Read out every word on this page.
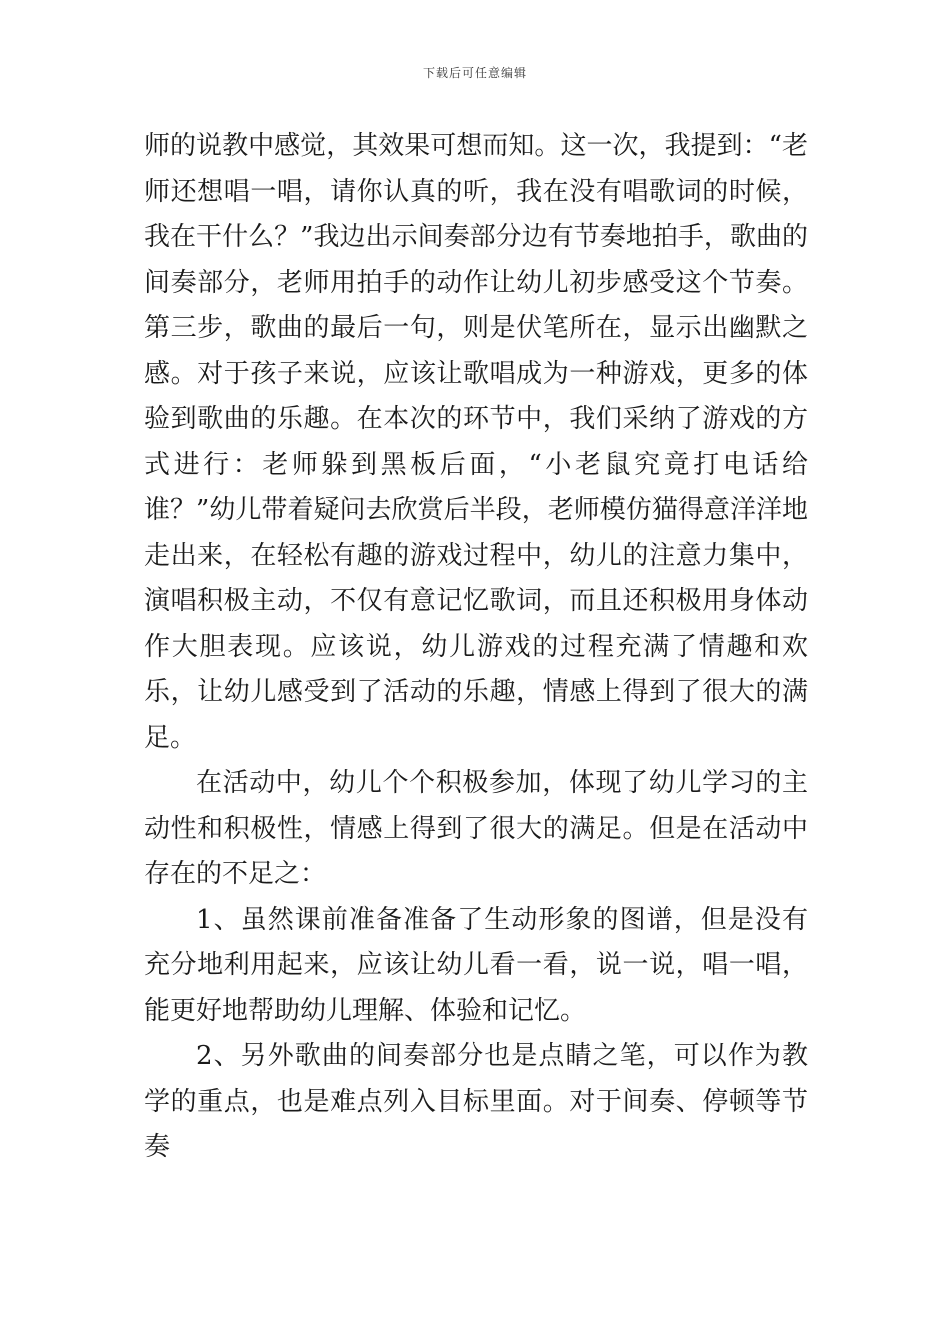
下载后可任意编辑

师的说教中感觉，其效果可想而知。这一次，我提到：“老师还想唱一唱，请你认真的听，我在没有唱歌词的时候，我在干什么？”我边出示间奏部分边有节奏地拍手，歌曲的间奏部分，老师用拍手的动作让幼儿初步感受这个节奏。第三步，歌曲的最后一句，则是伏笔所在，显示出幽默之感。对于孩子来说，应该让歌唱成为一种游戏，更多的体验到歌曲的乐趣。在本次的环节中，我们采纳了游戏的方式进行：老师躲到黑板后面，“小老鼠究竟打电话给谁？”幼儿带着疑问去欣赏后半段，老师模仿猫得意洋洋地走出来，在轻松有趣的游戏过程中，幼儿的注意力集中，演唱积极主动，不仅有意记忆歌词，而且还积极用身体动作大胆表现。应该说，幼儿游戏的过程充满了情趣和欢乐，让幼儿感受到了活动的乐趣，情感上得到了很大的满足。

在活动中，幼儿个个积极参加，体现了幼儿学习的主动性和积极性，情感上得到了很大的满足。但是在活动中存在的不足之：

1、虽然课前准备准备了生动形象的图谱，但是没有充分地利用起来，应该让幼儿看一看，说一说，唱一唱，能更好地帮助幼儿理解、体验和记忆。

2、另外歌曲的间奏部分也是点睛之笔，可以作为教学的重点，也是难点列入目标里面。对于间奏、停顿等节奏
